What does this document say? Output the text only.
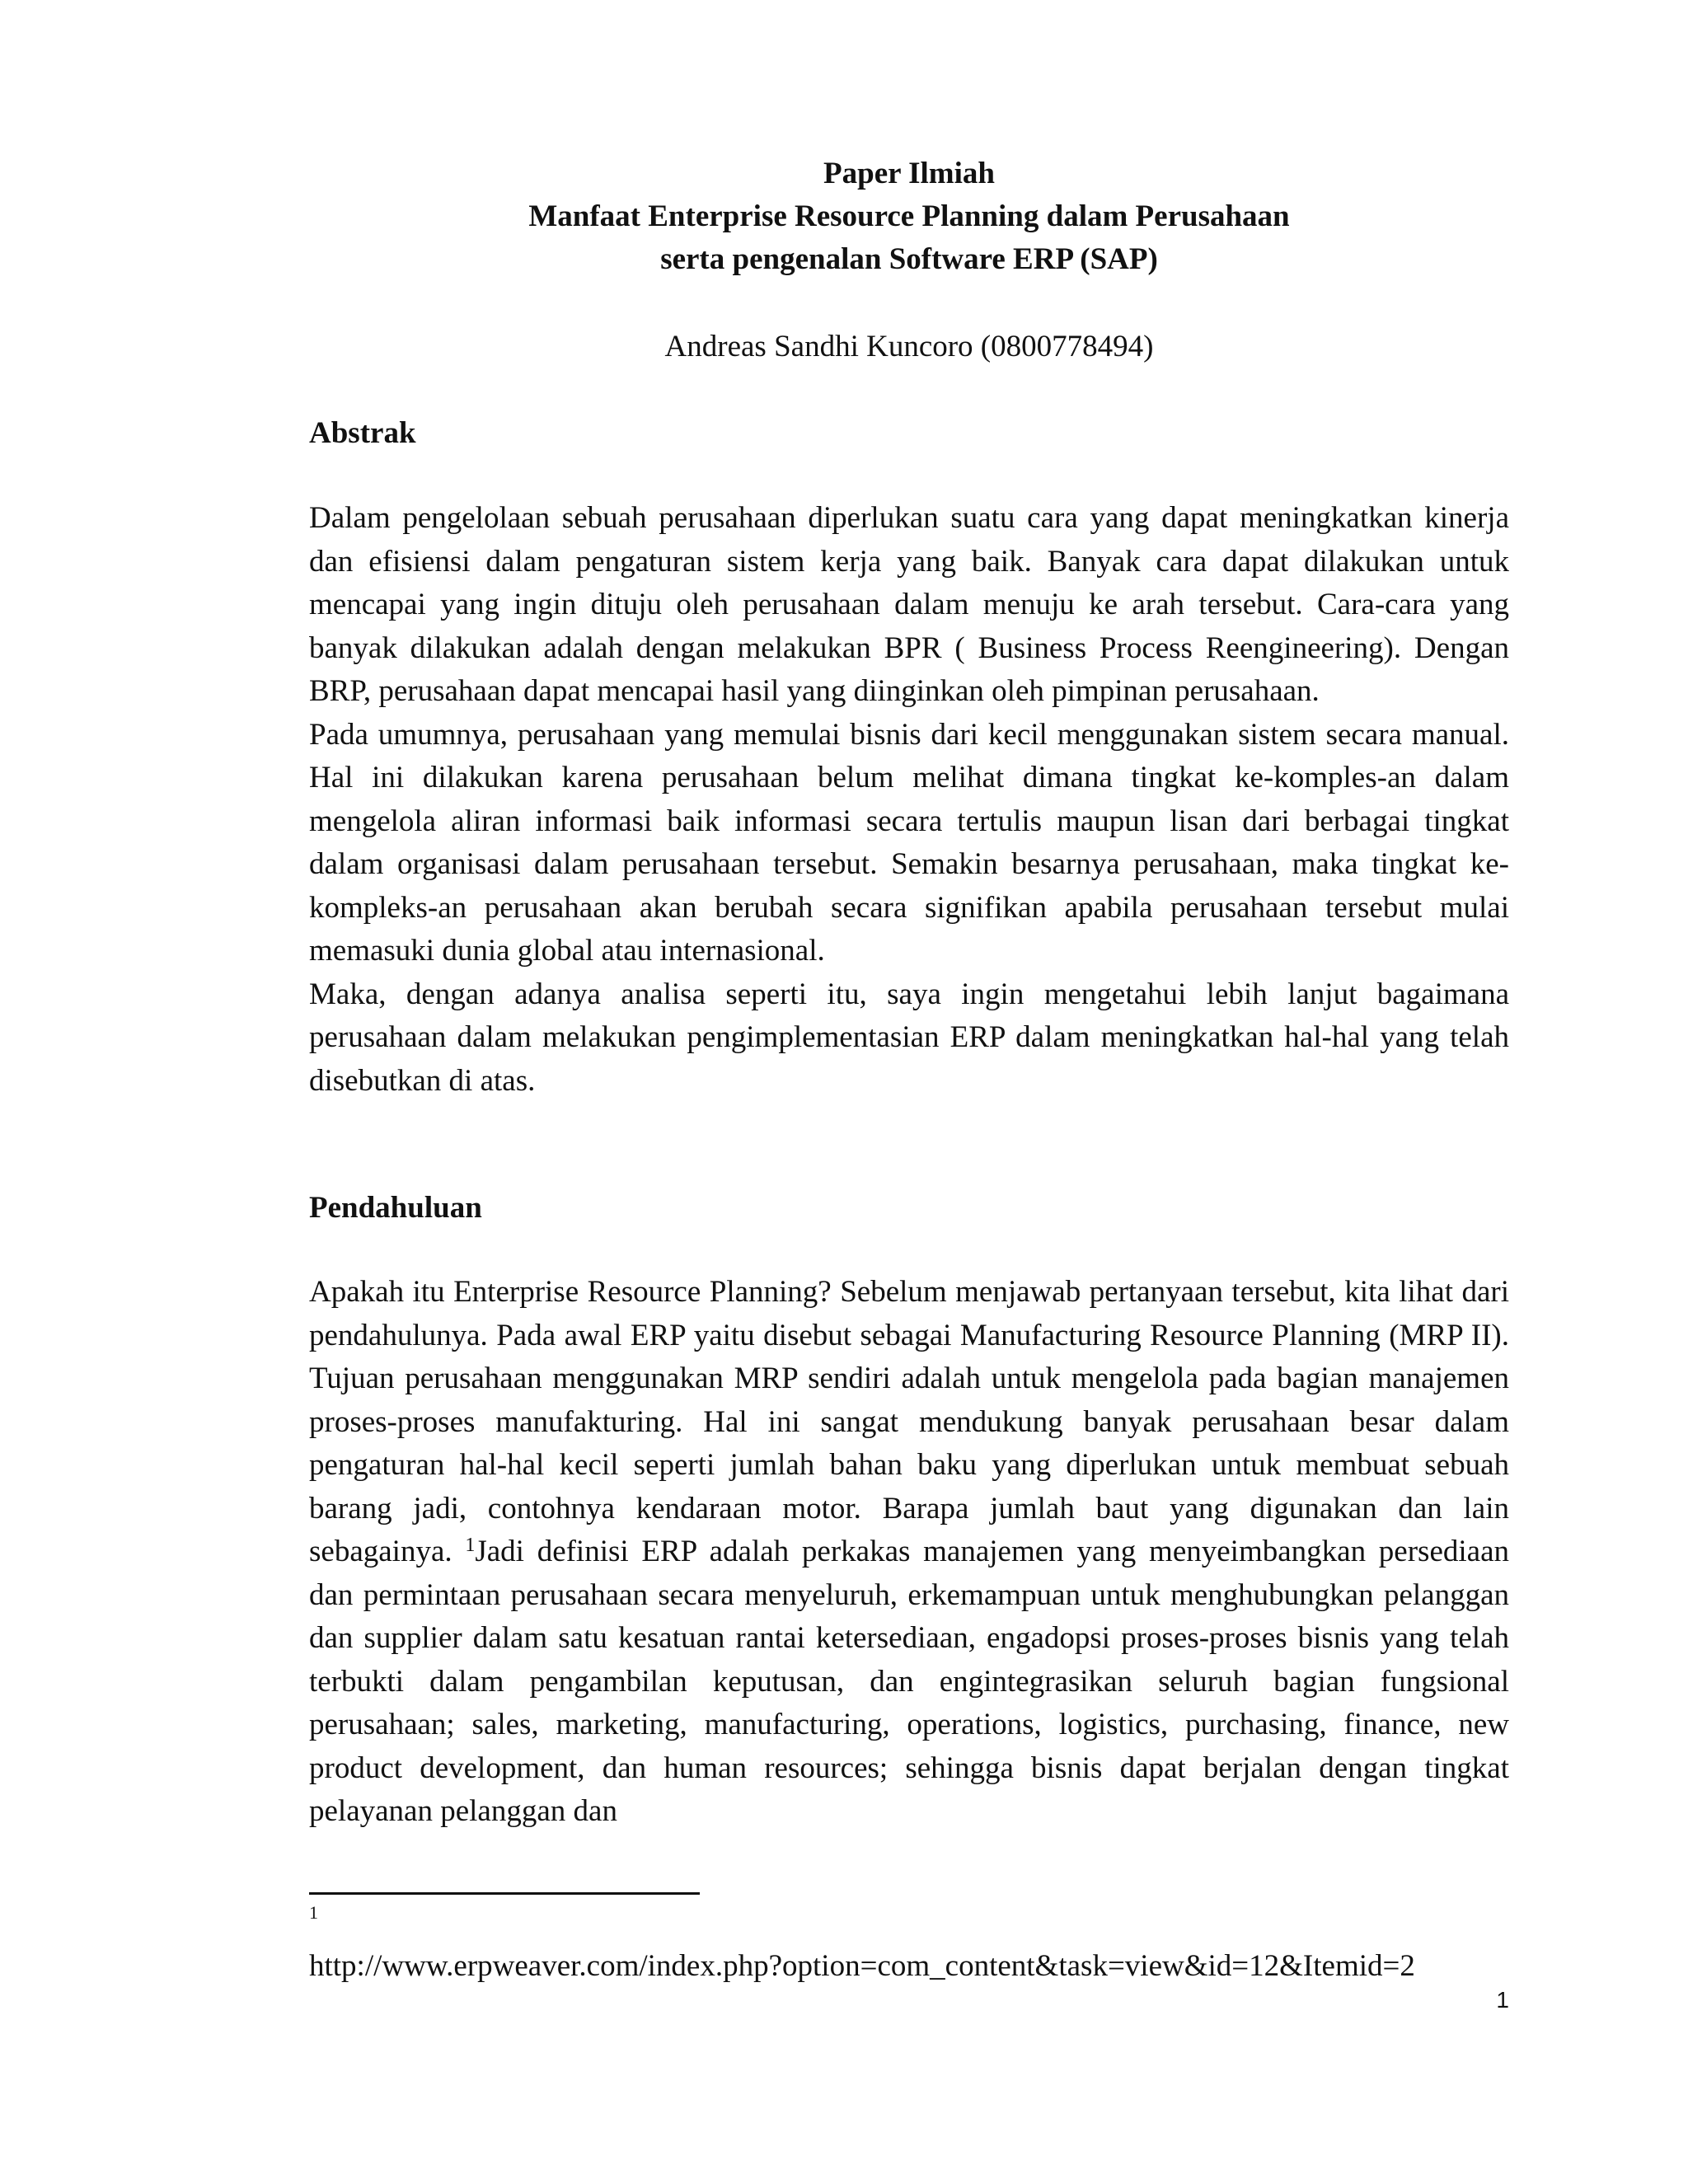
Paper Ilmiah
Manfaat Enterprise Resource Planning dalam Perusahaan
serta pengenalan Software ERP (SAP)
Andreas Sandhi Kuncoro (0800778494)
Abstrak

Dalam pengelolaan sebuah perusahaan diperlukan suatu cara yang dapat meningkatkan kinerja dan efisiensi dalam pengaturan sistem kerja yang baik. Banyak cara dapat dilakukan untuk mencapai yang ingin dituju oleh perusahaan dalam menuju ke arah tersebut. Cara-cara yang banyak dilakukan adalah dengan melakukan BPR ( Business Process Reengineering). Dengan BRP, perusahaan dapat mencapai hasil yang diinginkan oleh pimpinan perusahaan.

Pada umumnya, perusahaan yang memulai bisnis dari kecil menggunakan sistem secara manual. Hal ini dilakukan karena perusahaan belum melihat dimana tingkat ke-komples-an dalam mengelola aliran informasi baik informasi secara tertulis maupun lisan dari berbagai tingkat dalam organisasi dalam perusahaan tersebut. Semakin besarnya perusahaan, maka tingkat ke-kompleks-an perusahaan akan berubah secara signifikan apabila perusahaan tersebut mulai memasuki dunia global atau internasional.

Maka, dengan adanya analisa seperti itu, saya ingin mengetahui lebih lanjut bagaimana perusahaan dalam melakukan pengimplementasian ERP dalam meningkatkan hal-hal yang telah disebutkan di atas.

Pendahuluan

Apakah itu Enterprise Resource Planning? Sebelum menjawab pertanyaan tersebut, kita lihat dari pendahulunya. Pada awal ERP yaitu disebut sebagai Manufacturing Resource Planning (MRP II). Tujuan perusahaan menggunakan MRP sendiri adalah untuk mengelola pada bagian manajemen proses-proses manufakturing. Hal ini sangat mendukung banyak perusahaan besar dalam pengaturan hal-hal kecil seperti jumlah bahan baku yang diperlukan untuk membuat sebuah barang jadi, contohnya kendaraan motor. Barapa jumlah baut yang digunakan dan lain sebagainya. $^1$Jadi definisi ERP adalah perkakas manajemen yang menyeimbangkan persediaan dan permintaan perusahaan secara menyeluruh, erkemampuan untuk menghubungkan pelanggan dan supplier dalam satu kesatuan rantai ketersediaan, engadopsi proses-proses bisnis yang telah terbukti dalam pengambilan keputusan, dan engintegrasikan seluruh bagian fungsional perusahaan; sales, marketing, manufacturing, operations, logistics, purchasing, finance, new product development, dan human resources; sehingga bisnis dapat berjalan dengan tingkat pelayanan pelanggan dan

1
http://www.erpweaver.com/index.php?option=com_content&task=view&id=12&Itemid=2
1
